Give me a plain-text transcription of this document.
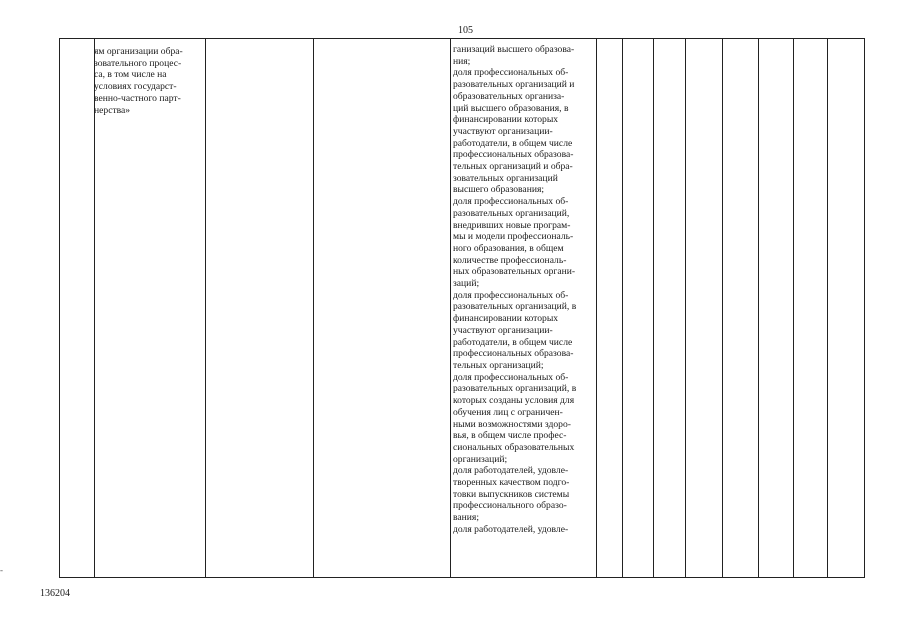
105

ям организации обра-
зовательного процес-
са, в том числе на
условиях государст-
венно-частного парт-
нерства»

ганизаций высшего образова-
ния;
доля профессиональных об-
разовательных организаций и
образовательных организа-
ций высшего образования, в
финансировании которых
участвуют организации-
работодатели, в общем числе
профессиональных образова-
тельных организаций и обра-
зовательных организаций
высшего образования;
доля профессиональных об-
разовательных организаций,
внедривших новые програм-
мы и модели профессиональ-
ного образования, в общем
количестве профессиональ-
ных образовательных органи-
заций;
доля профессиональных об-
разовательных организаций, в
финансировании которых
участвуют организации-
работодатели, в общем числе
профессиональных образова-
тельных организаций;
доля профессиональных об-
разовательных организаций, в
которых созданы условия для
обучения лиц с ограничен-
ными возможностями здоро-
вья, в общем числе профес-
сиональных образовательных
организаций;
доля работодателей, удовле-
творенных качеством подго-
товки выпускников системы
профессионального образо-
вания;
доля работодателей, удовле-

-
136204
